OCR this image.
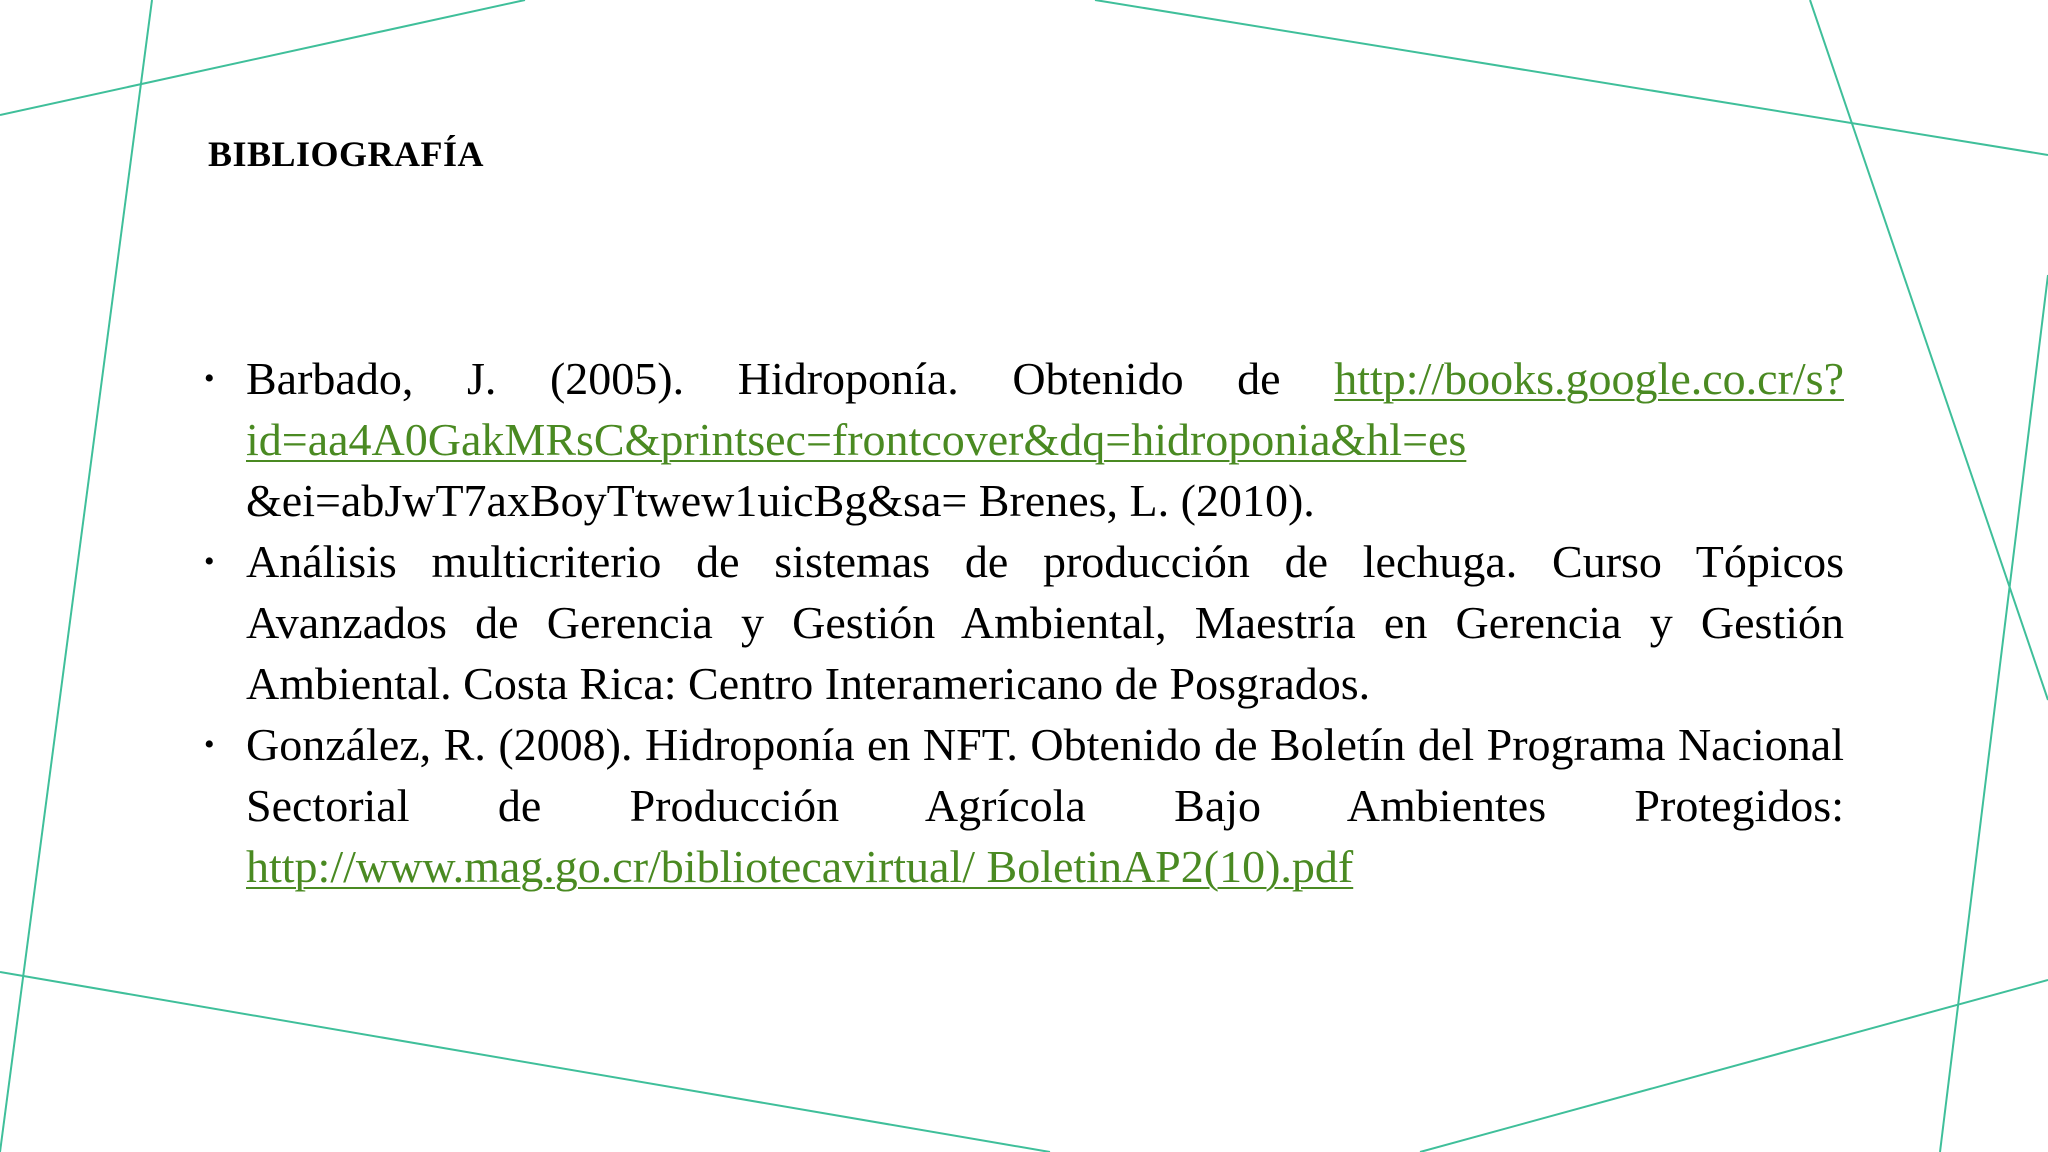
BIBLIOGRAFÍA
• Barbado, J. (2005). Hidroponía. Obtenido de http://books.google.co.cr/s?id=aa4A0GakMRsC&printsec=frontcover&dq=hidroponia&hl=es &ei=abJwT7axBoyTtwew1uicBg&sa= Brenes, L. (2010).
• Análisis multicriterio de sistemas de producción de lechuga. Curso Tópicos Avanzados de Gerencia y Gestión Ambiental, Maestría en Gerencia y Gestión Ambiental. Costa Rica: Centro Interamericano de Posgrados.
• González, R. (2008). Hidroponía en NFT. Obtenido de Boletín del Programa Nacional Sectorial de Producción Agrícola Bajo Ambientes Protegidos: http://www.mag.go.cr/bibliotecavirtual/ BoletinAP2(10).pdf
